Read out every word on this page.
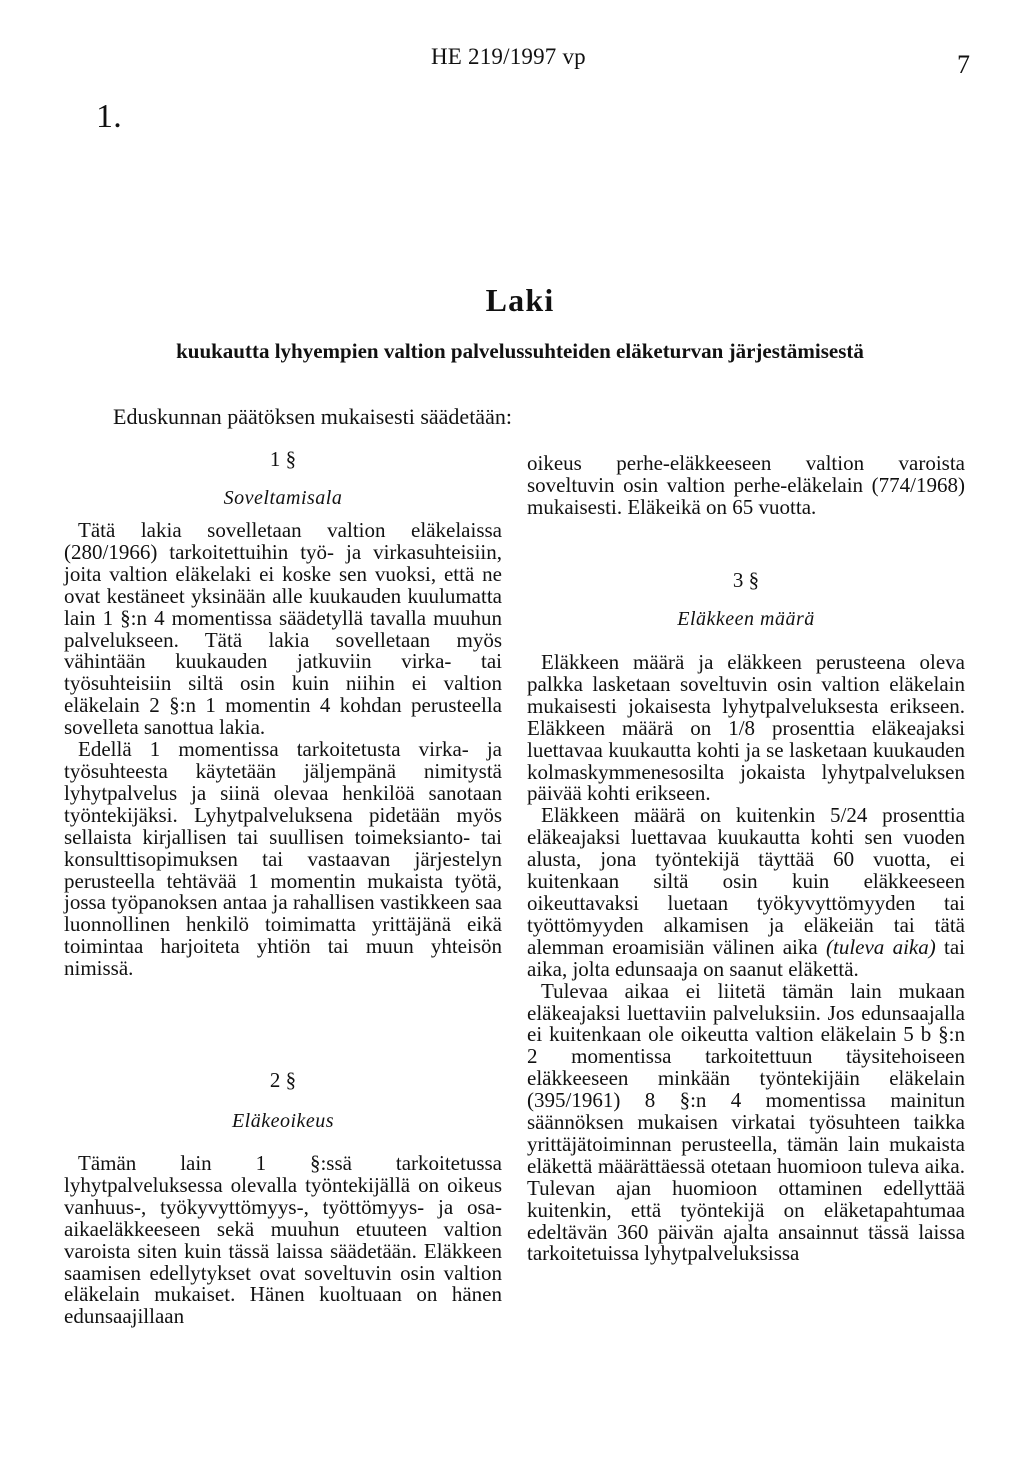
1.
HE 219/1997 vp	7
Laki
kuukautta lyhyempien valtion palvelussuhteiden eläketurvan järjestämisestä
Eduskunnan päätöksen mukaisesti säädetään:
1 §
Soveltamisala

Tätä lakia sovelletaan valtion eläkelaissa (280/1966) tarkoitettuihin työ- ja virkasuhteisiin, joita valtion eläkelaki ei koske sen vuoksi, että ne ovat kestäneet yksinään alle kuukauden kuulumatta lain 1 §:n 4 momentissa säädetyllä tavalla muuhun palvelukseen. Tätä lakia sovelletaan myös vähintään kuukauden jatkuviin virka- tai työsuhteisiin siltä osin kuin niihin ei valtion eläkelain 2 §:n 1 momentin 4 kohdan perusteella sovelleta sanottua lakia.

Edellä 1 momentissa tarkoitetusta virka- ja työsuhteesta käytetään jäljempänä nimitystä lyhytpalvelus ja siinä olevaa henkilöä sanotaan työntekijäksi. Lyhytpalveluksena pidetään myös sellaista kirjallisen tai suullisen toimeksianto- tai konsulttisopimuksen tai vastaavan järjestelyn perusteella tehtävää 1 momentin mukaista työtä, jossa työpanoksen antaa ja rahallisen vastikkeen saa luonnollinen henkilö toimimatta yrittäjänä eikä toimintaa harjoiteta yhtiön tai muun yhteisön nimissä.

2 §
Eläkeoikeus

Tämän lain 1 §:ssä tarkoitetussa lyhytpalveluksessa olevalla työntekijällä on oikeus vanhuus-, työkyvyttömyys-, työttömyys- ja osa-aikaeläkkeeseen sekä muuhun etuuteen valtion varoista siten kuin tässä laissa säädetään. Eläkkeen saamisen edellytykset ovat soveltuvin osin valtion eläkelain mukaiset. Hänen kuoltuaan on hänen edunsaajillaan

oikeus perhe-eläkkeeseen valtion varoista soveltuvin osin valtion perhe-eläkelain (774/1968) mukaisesti. Eläkeikä on 65 vuotta.

3 §
Eläkkeen määrä

Eläkkeen määrä ja eläkkeen perusteena oleva palkka lasketaan soveltuvin osin valtion eläkelain mukaisesti jokaisesta lyhytpalveluksesta erikseen. Eläkkeen määrä on 1/8 prosenttia eläkeajaksi luettavaa kuukautta kohti ja se lasketaan kuukauden kolmaskymmenesosilta jokaista lyhytpalveluksen päivää kohti erikseen.

Eläkkeen määrä on kuitenkin 5/24 prosenttia eläkeajaksi luettavaa kuukautta kohti sen vuoden alusta, jona työntekijä täyttää 60 vuotta, ei kuitenkaan siltä osin kuin eläkkeeseen oikeuttavaksi luetaan työkyvyttömyyden tai työttömyyden alkamisen ja eläkeiän tai tätä alemman eroamisiän välinen aika (tuleva aika) tai aika, jolta edunsaaja on saanut eläkettä.

Tulevaa aikaa ei liitetä tämän lain mukaan eläkeajaksi luettaviin palveluksiin. Jos edunsaajalla ei kuitenkaan ole oikeutta valtion eläkelain 5 b §:n 2 momentissa tarkoitettuun täysitehoiseen eläkkeeseen minkään työntekijäin eläkelain (395/1961) 8 §:n 4 momentissa mainitun säännöksen mukaisen virkatai työsuhteen taikka yrittäjätoiminnan perusteella, tämän lain mukaista eläkettä määrättäessä otetaan huomioon tuleva aika. Tulevan ajan huomioon ottaminen edellyttää kuitenkin, että työntekijä on eläketapahtumaa edeltävän 360 päivän ajalta ansainnut tässä laissa tarkoitetuissa lyhytpalveluksissa
